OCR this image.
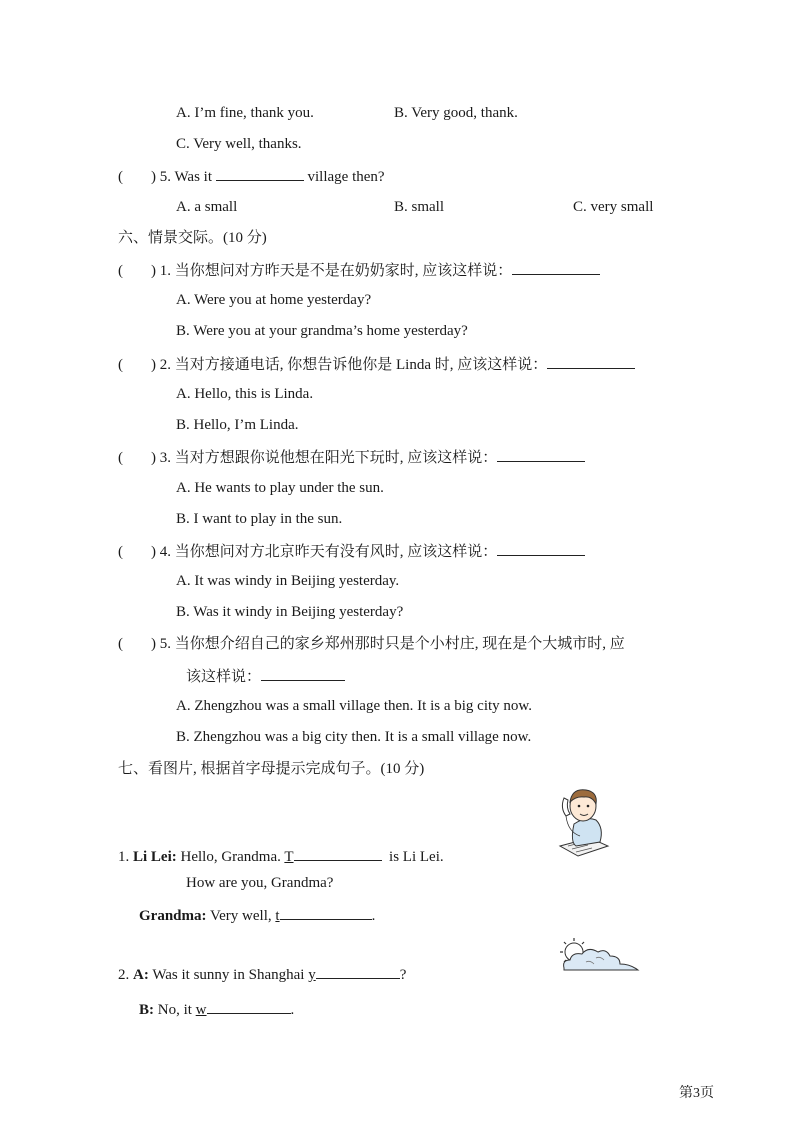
A. I’m fine, thank you.	B. Very good, thank.
C. Very well, thanks.
( ) 5. Was it	village then?
A. a small	B. small	C. very small
六、情景交际。(10 分)
( ) 1. 当你想问对方昨天是不是在奶奶家时, 应该这样说：
A. Were you at home yesterday?
B. Were you at your grandma’s home yesterday?
( ) 2. 当对方接通电话, 你想告诉他你是 Linda 时, 应该这样说：
A. Hello, this is Linda.
B. Hello, I’m Linda.
( ) 3. 当对方想跟你说他想在阳光下玩时, 应该这样说：
A. He wants to play under the sun.
B. I want to play in the sun.
( ) 4. 当你想问对方北京昨天有没有风时, 应该这样说：
A. It was windy in Beijing yesterday.
B. Was it windy in Beijing yesterday?
( ) 5. 当你想介绍自己的家乡郑州那时只是个小村庄, 现在是个大城市时, 应
该这样说：
A. Zhengzhou was a small village then. It is a big city now.
B. Zhengzhou was a big city then. It is a small village now.
七、看图片, 根据首字母提示完成句子。(10 分)
1. Li Lei: Hello, Grandma. T	is Li Lei.
How are you, Grandma?
Grandma: Very well, t	.
2. A: Was it sunny in Shanghai y	?
B: No, it w	.
第3页
